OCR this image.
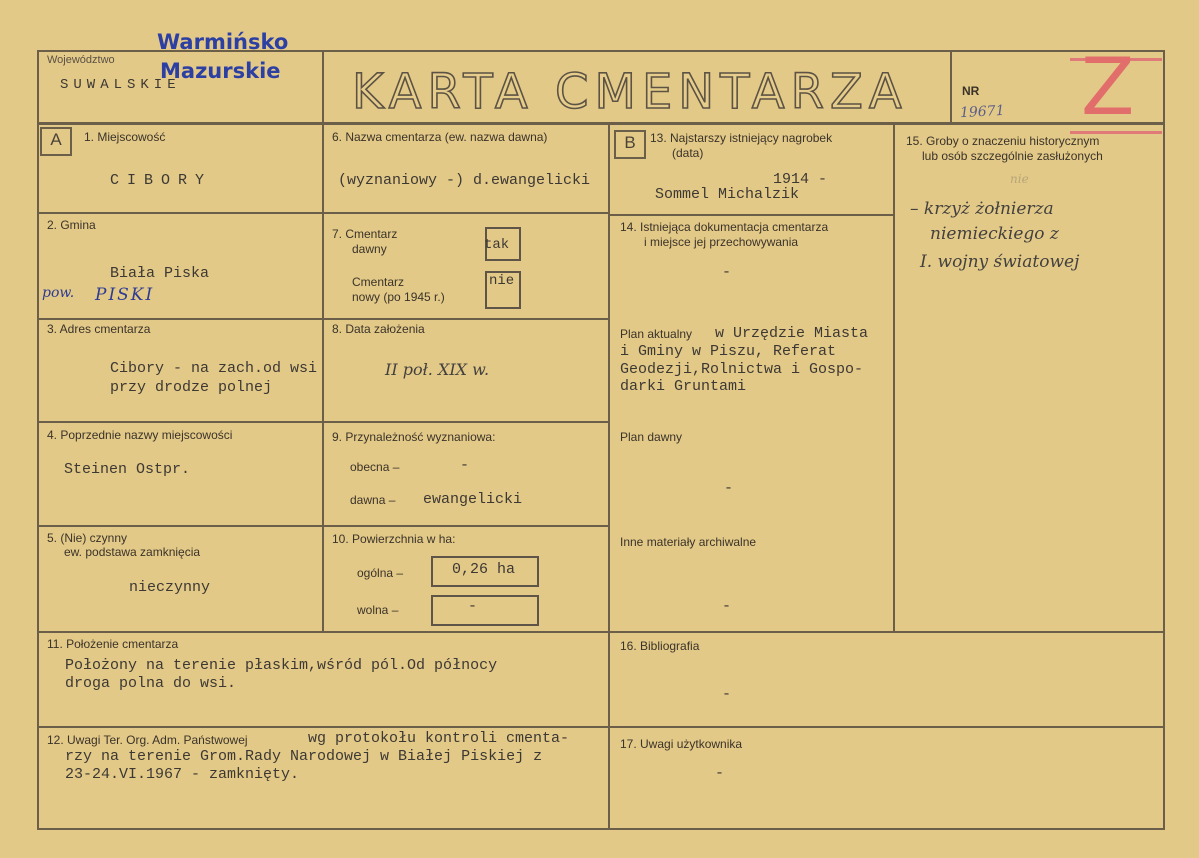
Województwo
SUWALSKIE
Warmińsko
Mazurskie KARTA CMENTARZA	NR
19671 Z
A	B
1. Miejscowość
CIBORY
2. Gmina
Biała Piska
pow. PISKI
3. Adres cmentarza
Cibory - na zach.od wsi
przy drodze polnej
4. Poprzednie nazwy miejscowości
Steinen Ostpr.
5. (Nie) czynny
ew. podstawa zamknięcia
nieczynny
6. Nazwa cmentarza (ew. nazwa dawna)
(wyznaniowy -) d.ewangelicki
7. Cmentarz
dawny	tak
Cmentarz
nowy (po 1945 r.)
nie
8. Data założenia
II poł. XIX w.
9. Przynależność wyznaniowa:
obecna –	-
dawna – ewangelicki
10. Powierzchnia w ha:
ogólna –	0,26 ha
wolna –	-
11. Położenie cmentarza
Położony na terenie płaskim,wśród pól.Od północy
droga polna do wsi.
12. Uwagi Ter. Org. Adm. Państwowej	wg protokołu kontroli cmenta-
rzy na terenie Grom.Rady Narodowej w Białej Piskiej z
23-24.VI.1967 - zamknięty.
13. Najstarszy istniejący nagrobek
(data)
1914 -
Sommel Michalzik
14. Istniejąca dokumentacja cmentarza
i miejsce jej przechowywania
-
Plan aktualny w Urzędzie Miasta
i Gminy w Piszu, Referat
Geodezji,Rolnictwa i Gospo-
darki Gruntami
Plan dawny
-
Inne materiały archiwalne
-
15. Groby o znaczeniu historycznym
lub osób szczególnie zasłużonych
nie
– krzyż żołnierza
niemieckiego z
I. wojny światowej
16. Bibliografia
-
17. Uwagi użytkownika
-
